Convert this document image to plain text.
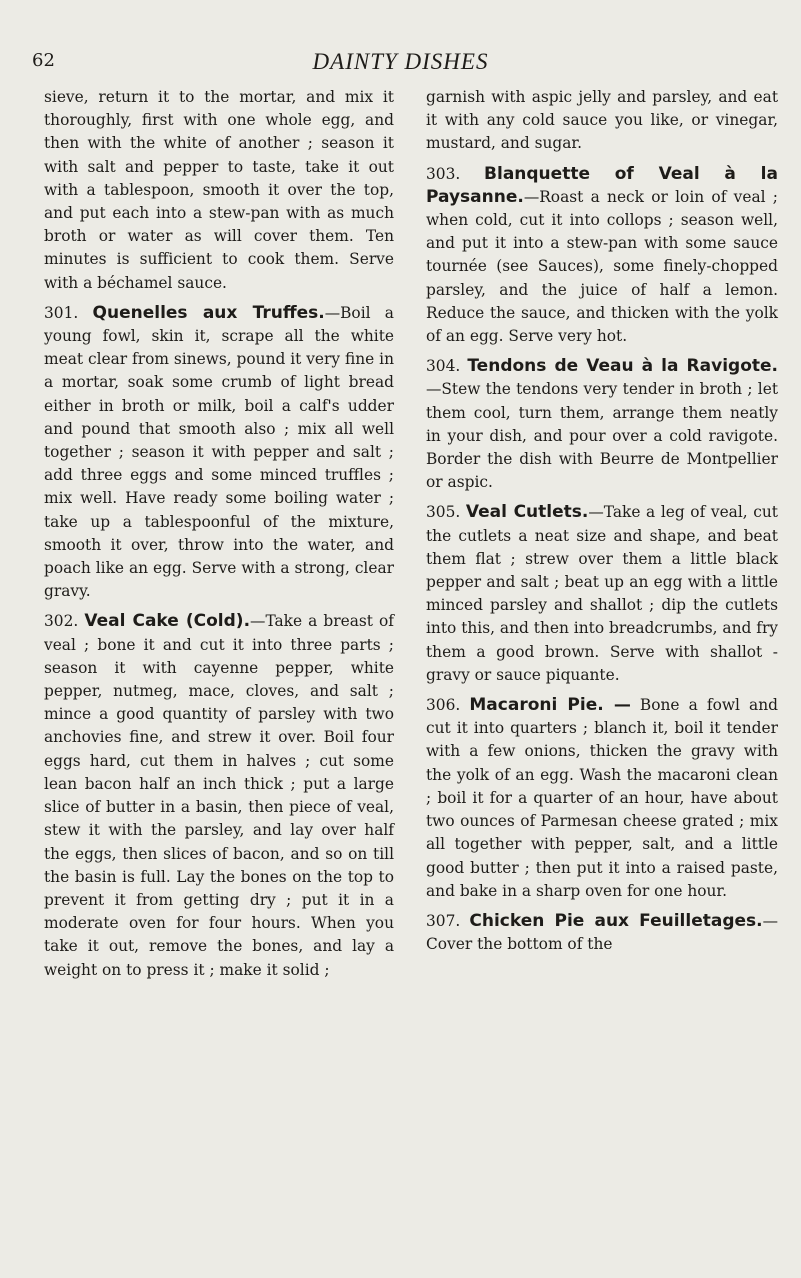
62	DAINTY DISHES

sieve, return it to the mortar, and mix it thoroughly, first with one whole egg, and then with the white of another ; season it with salt and pepper to taste, take it out with a tablespoon, smooth it over the top, and put each into a stew-pan with as much broth or water as will cover them. Ten minutes is sufficient to cook them. Serve with a béchamel sauce.

301. Quenelles aux Truffes.—Boil a young fowl, skin it, scrape all the white meat clear from sinews, pound it very fine in a mortar, soak some crumb of light bread either in broth or milk, boil a calf's udder and pound that smooth also ; mix all well together ; season it with pepper and salt ; add three eggs and some minced truffles ; mix well. Have ready some boiling water ; take up a tablespoonful of the mixture, smooth it over, throw into the water, and poach like an egg. Serve with a strong, clear gravy.

302. Veal Cake (Cold).—Take a breast of veal ; bone it and cut it into three parts ; season it with cayenne pepper, white pepper, nutmeg, mace, cloves, and salt ; mince a good quantity of parsley with two anchovies fine, and strew it over. Boil four eggs hard, cut them in halves ; cut some lean bacon half an inch thick ; put a large slice of butter in a basin, then piece of veal, stew it with the parsley, and lay over half the eggs, then slices of bacon, and so on till the basin is full. Lay the bones on the top to prevent it from getting dry ; put it in a moderate oven for four hours. When you take it out, remove the bones, and lay a weight on to press it ; make it solid ;

garnish with aspic jelly and parsley, and eat it with any cold sauce you like, or vinegar, mustard, and sugar.

303. Blanquette of Veal à la Paysanne.—Roast a neck or loin of veal ; when cold, cut it into collops ; season well, and put it into a stew-pan with some sauce tournée (see Sauces), some finely-chopped parsley, and the juice of half a lemon. Reduce the sauce, and thicken with the yolk of an egg. Serve very hot.

304. Tendons de Veau à la Ravigote.—Stew the tendons very tender in broth ; let them cool, turn them, arrange them neatly in your dish, and pour over a cold ravigote. Border the dish with Beurre de Montpellier or aspic.

305. Veal Cutlets.—Take a leg of veal, cut the cutlets a neat size and shape, and beat them flat ; strew over them a little black pepper and salt ; beat up an egg with a little minced parsley and shallot ; dip the cutlets into this, and then into breadcrumbs, and fry them a good brown. Serve with shallot - gravy or sauce piquante.

306. Macaroni Pie. — Bone a fowl and cut it into quarters ; blanch it, boil it tender with a few onions, thicken the gravy with the yolk of an egg. Wash the macaroni clean ; boil it for a quarter of an hour, have about two ounces of Parmesan cheese grated ; mix all together with pepper, salt, and a little good butter ; then put it into a raised paste, and bake in a sharp oven for one hour.

307. Chicken Pie aux Feuilletages.—Cover the bottom of the
